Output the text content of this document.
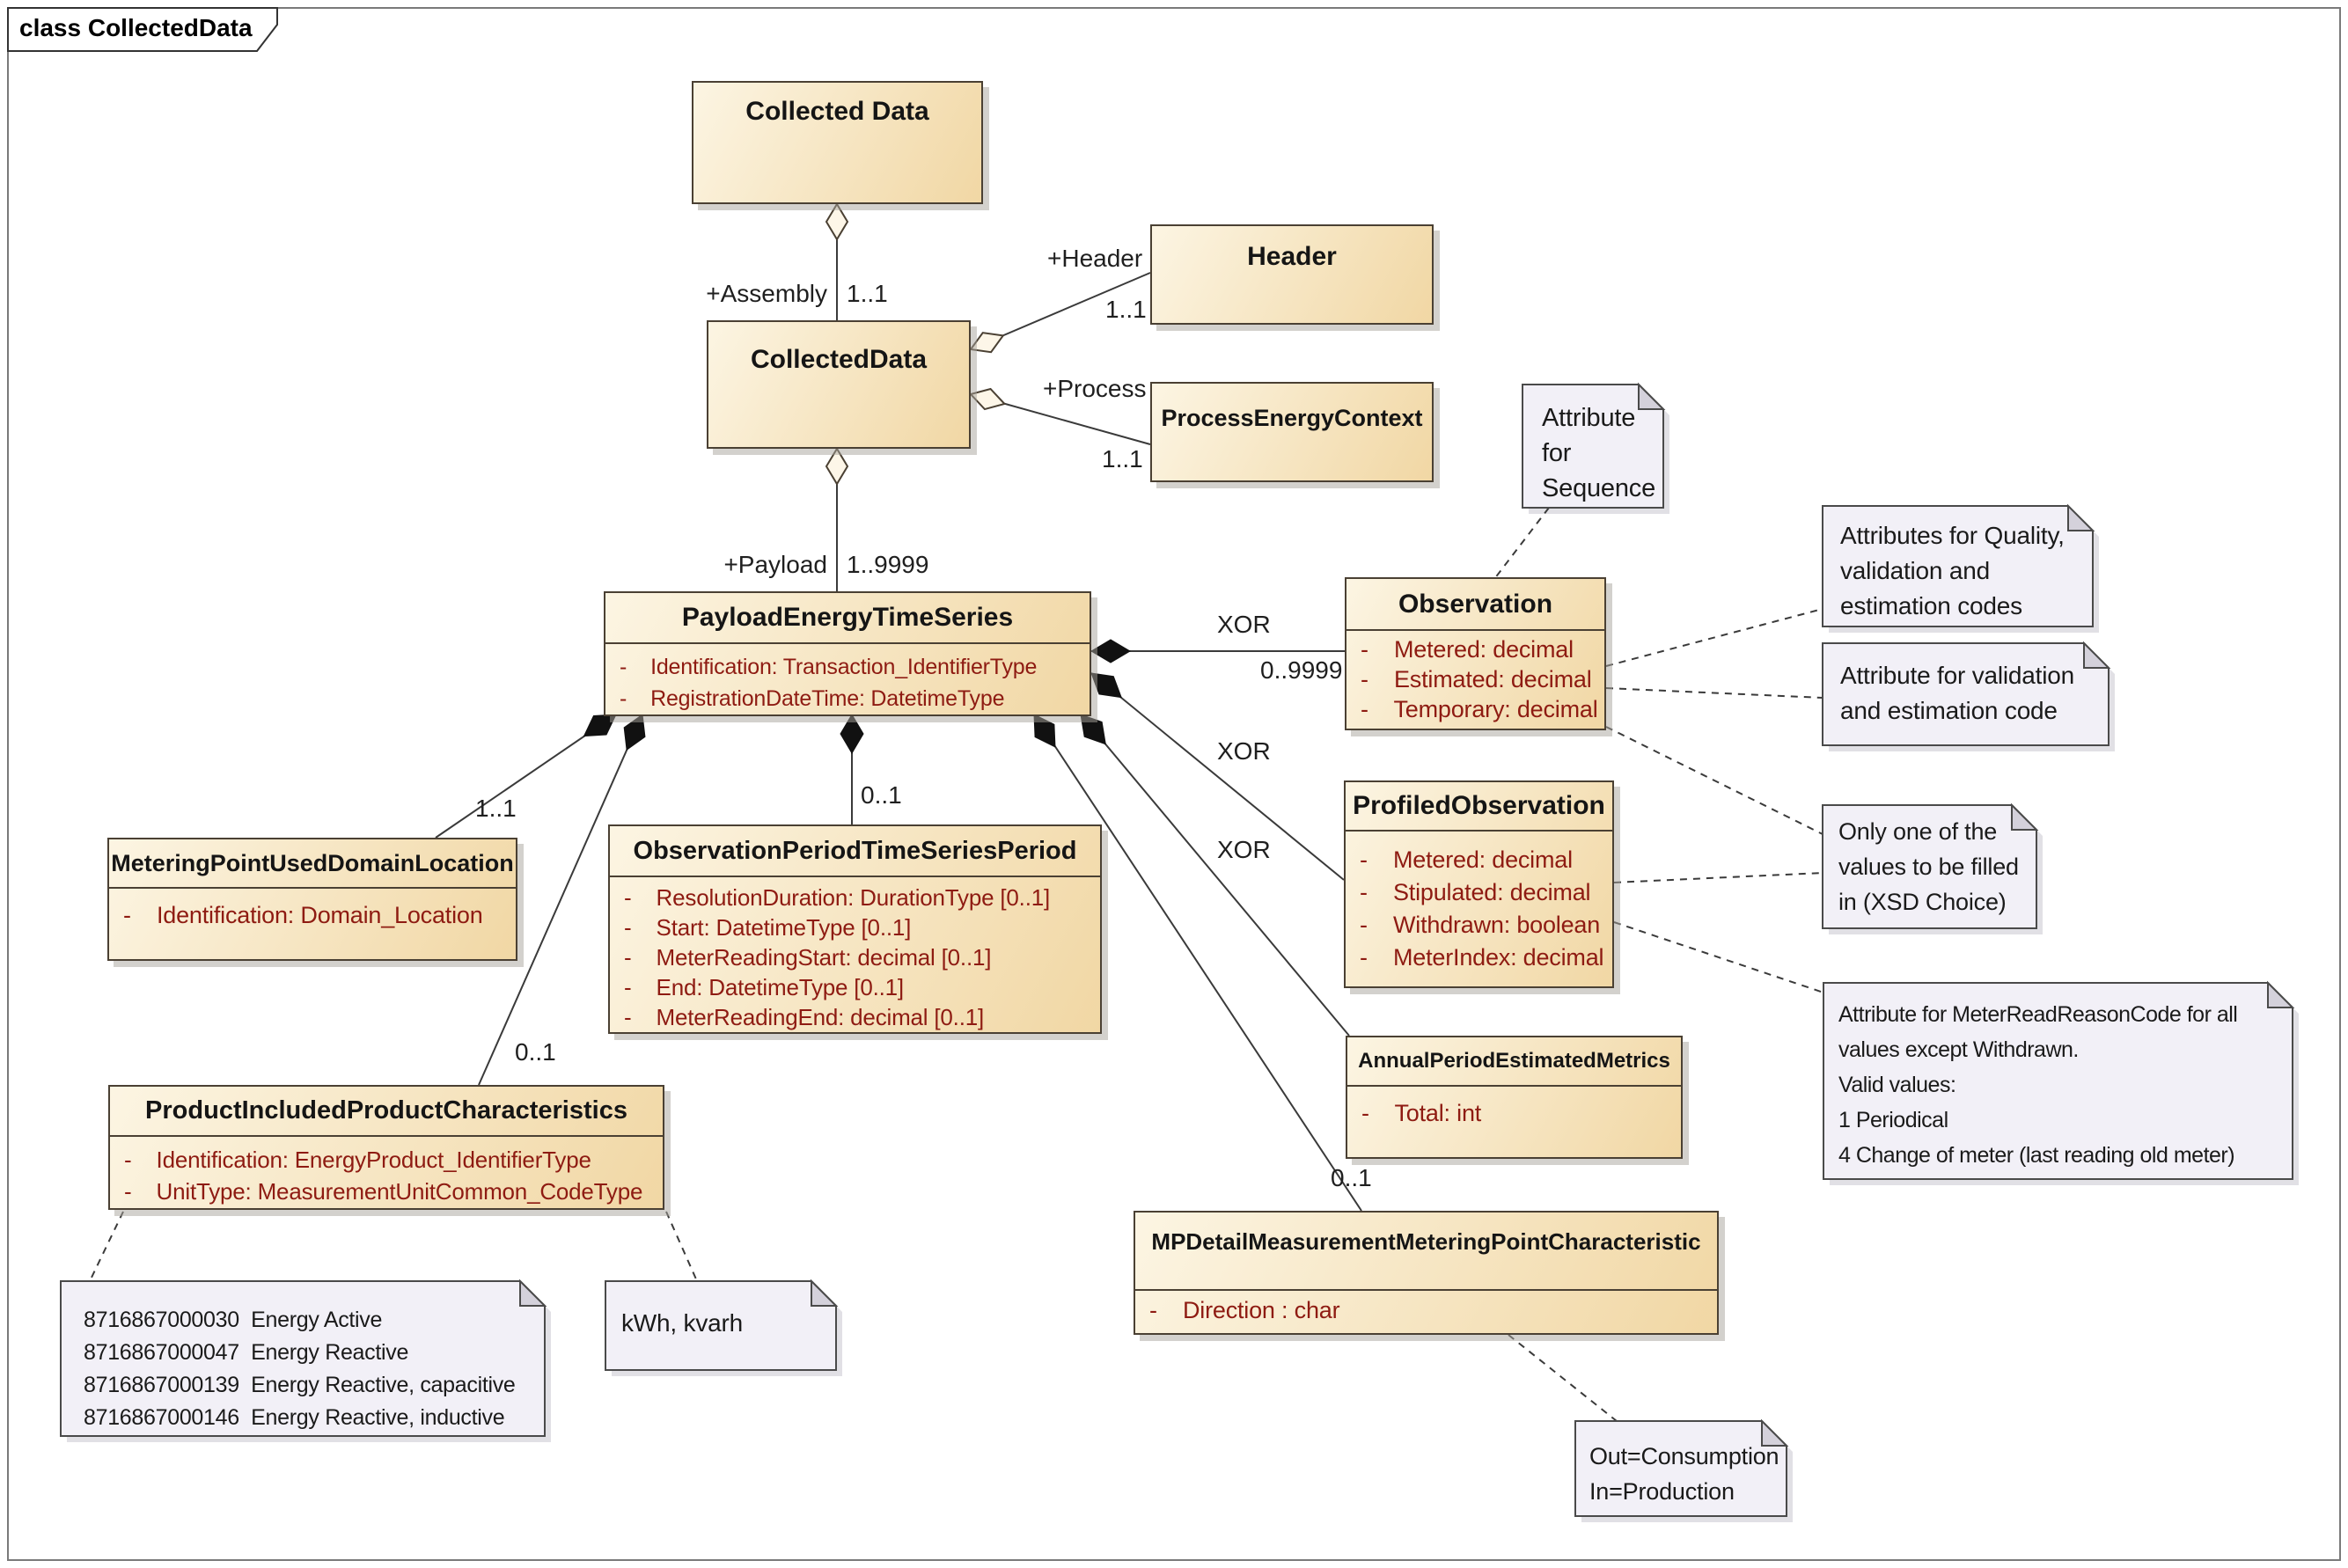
class CollectedData
Collected Data
CollectedData
Header
ProcessEnergyContext
PayloadEnergyTimeSeries
-    Identification: Transaction_IdentifierType
-    RegistrationDateTime: DatetimeType
Observation
-    Metered: decimal
-    Estimated: decimal
-    Temporary: decimal
ProfiledObservation
-    Metered: decimal
-    Stipulated: decimal
-    Withdrawn: boolean
-    MeterIndex: decimal
MeteringPointUsedDomainLocation
-    Identification: Domain_Location
ObservationPeriodTimeSeriesPeriod
-    ResolutionDuration: DurationType [0..1]
-    Start: DatetimeType [0..1]
-    MeterReadingStart: decimal [0..1]
-    End: DatetimeType [0..1]
-    MeterReadingEnd: decimal [0..1]
ProductIncludedProductCharacteristics
-    Identification: EnergyProduct_IdentifierType
-    UnitType: MeasurementUnitCommon_CodeType
AnnualPeriodEstimatedMetrics
-    Total: int
MPDetailMeasurementMeteringPointCharacteristic
-    Direction : char
Attribute
for
Sequence
Attributes for Quality,
validation and
estimation codes
Attribute for validation
and estimation code
Only one of the
values to be filled
in (XSD Choice)
Attribute for MeterReadReasonCode for all
values except Withdrawn.
Valid values:
1 Periodical
4 Change of meter (last reading old meter)
8716867000030  Energy Active
8716867000047  Energy Reactive
8716867000139  Energy Reactive, capacitive
8716867000146  Energy Reactive, inductive
kWh, kvarh
Out=Consumption
In=Production
+Assembly 1..1
+Header
1..1
+Process
1..1
+Payload 1..9999
XOR
0..9999
XOR
XOR
1..1	0..1
0..1
0..1
